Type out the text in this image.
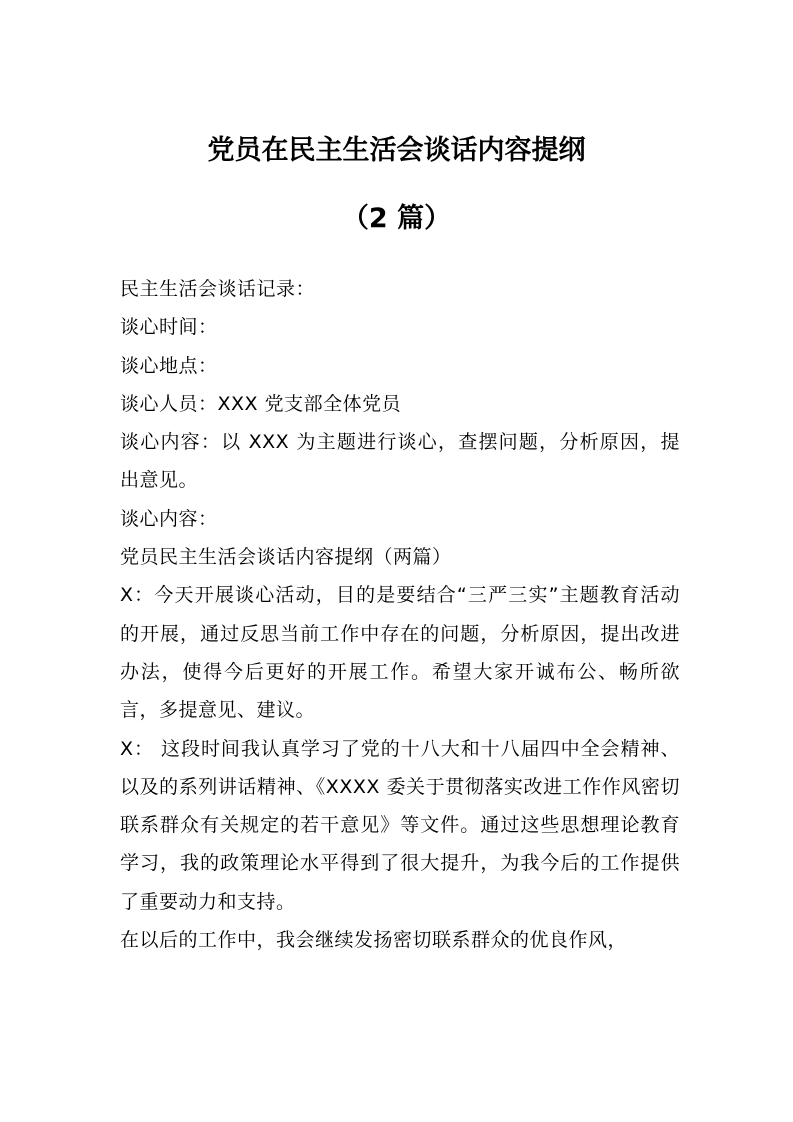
党员在民主生活会谈话内容提纲
（2 篇）

民主生活会谈话记录：

谈心时间：

谈心地点：

谈心人员：XXX 党支部全体党员

谈心内容：以 XXX 为主题进行谈心，查摆问题，分析原因，提出意见。

谈心内容：

党员民主生活会谈话内容提纲（两篇）

X：今天开展谈心活动，目的是要结合“三严三实”主题教育活动的开展，通过反思当前工作中存在的问题，分析原因，提出改进办法，使得今后更好的开展工作。希望大家开诚布公、畅所欲言，多提意见、建议。

X： 这段时间我认真学习了党的十八大和十八届四中全会精神、以及的系列讲话精神、《XXXX 委关于贯彻落实改进工作作风密切联系群众有关规定的若干意见》等文件。通过这些思想理论教育学习，我的政策理论水平得到了很大提升，为我今后的工作提供了重要动力和支持。

在以后的工作中，我会继续发扬密切联系群众的优良作风，
